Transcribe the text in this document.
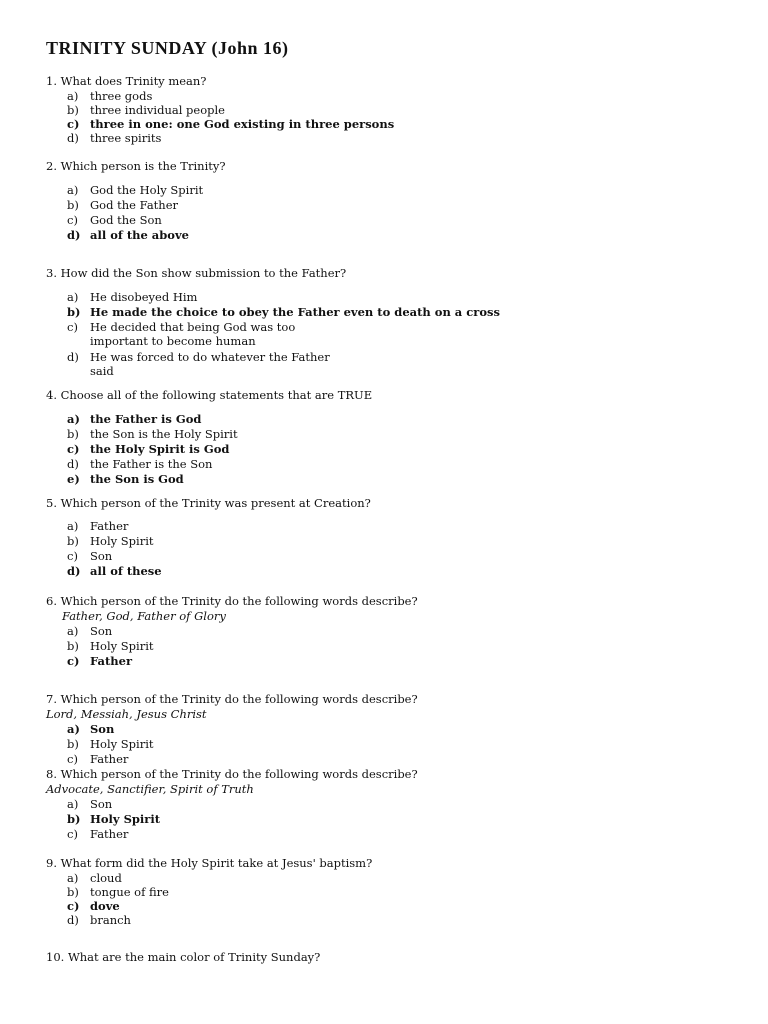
TRINITY SUNDAY (John 16)

1. What does Trinity mean?

a) three gods

b) three individual people

c) three in one: one God existing in three persons

d) three spirits

2. Which person is the Trinity?

a) God the Holy Spirit

b) God the Father

c) God the Son

d) all of the above

3. How did the Son show submission to the Father?

a) He disobeyed Him

b) He made the choice to obey the Father even to death on a cross

c) He decided that being God was too
important to become human

d) He was forced to do whatever the Father
said

4. Choose all of the following statements that are TRUE

a) the Father is God

b) the Son is the Holy Spirit

c) the Holy Spirit is God

d) the Father is the Son

e) the Son is God

5. Which person of the Trinity was present at Creation?

a) Father

b) Holy Spirit

c) Son

d) all of these

6. Which person of the Trinity do the following words describe?

Father, God, Father of Glory

a) Son

b) Holy Spirit

c) Father

7. Which person of the Trinity do the following words describe?

Lord, Messiah, Jesus Christ

a) Son

b) Holy Spirit

c) Father

8. Which person of the Trinity do the following words describe?

Advocate, Sanctifier, Spirit of Truth

a) Son

b) Holy Spirit

c) Father

9. What form did the Holy Spirit take at Jesus' baptism?

a) cloud

b) tongue of fire

c) dove

d) branch

10. What are the main color of Trinity Sunday?
